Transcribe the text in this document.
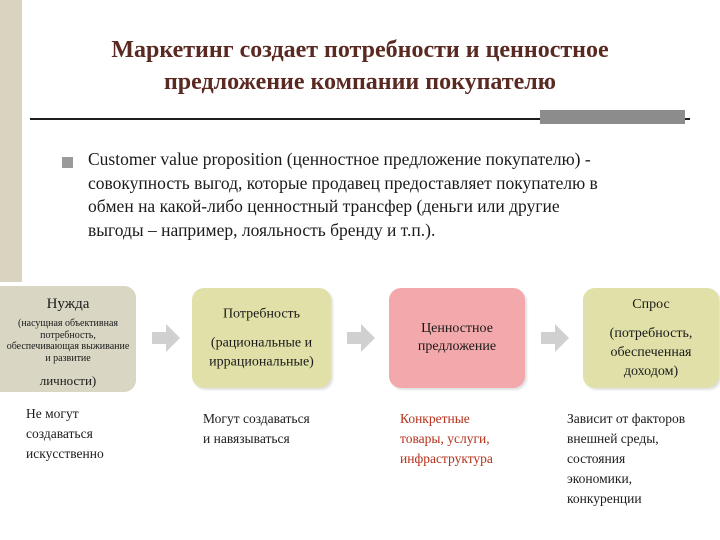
Маркетинг создает потребности и ценностное
предложение компании покупателю
Customer value proposition (ценностное предложение покупателю) -
совокупность выгод, которые продавец предоставляет покупателю в
обмен на какой-либо ценностный трансфер (деньги или другие
выгоды – например, лояльность бренду и т.п.).
Нужда
(насущная объективная потребность, обеспечивающая выживание и развитие
личности)
Потребность
(рациональные и иррациональные)
Ценностное
предложение
Спрос
(потребность, обеспеченная доходом)
Не могут
создаваться
искусственно
Могут создаваться
и навязываться
Конкретные
товары, услуги,
инфраструктура
Зависит от факторов
внешней среды,
состояния
экономики,
конкуренции
